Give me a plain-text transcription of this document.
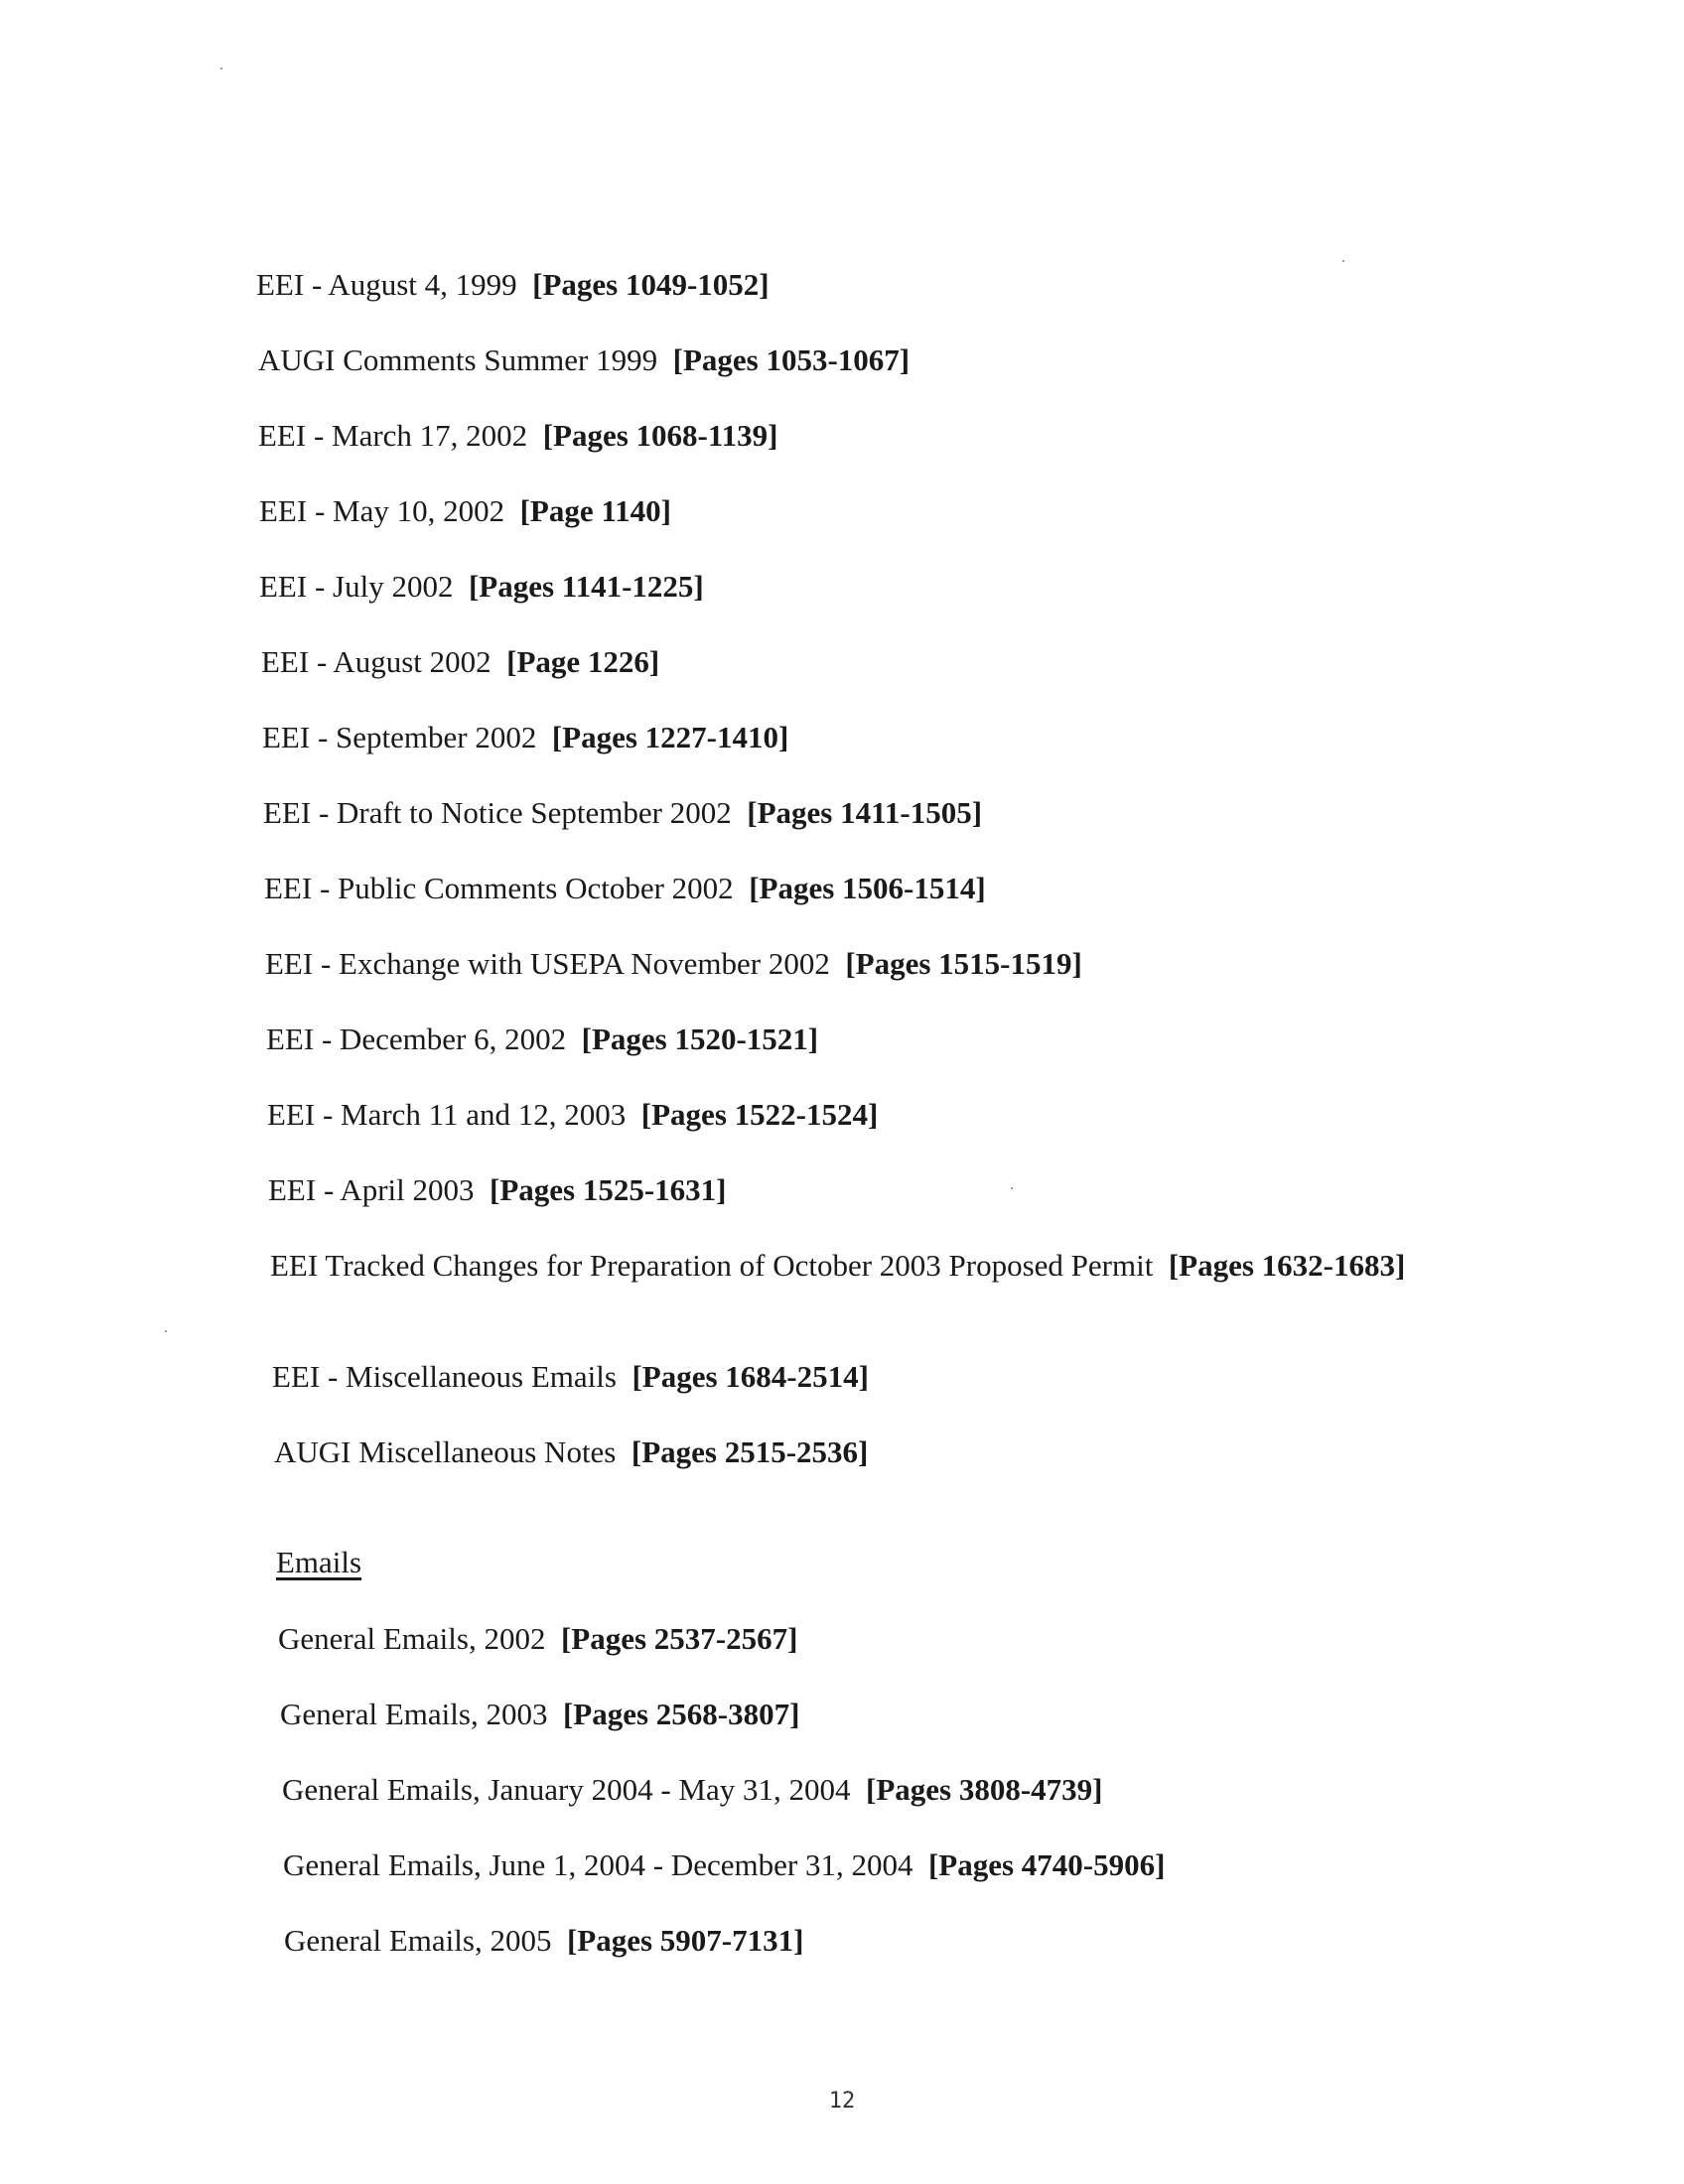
EEI - August 4, 1999 [Pages 1049-1052]
AUGI Comments Summer 1999 [Pages 1053-1067]
EEI - March 17, 2002 [Pages 1068-1139]
EEI - May 10, 2002 [Page 1140]
EEI - July 2002 [Pages 1141-1225]
EEI - August 2002 [Page 1226]
EEI - September 2002 [Pages 1227-1410]
EEI - Draft to Notice September 2002 [Pages 1411-1505]
EEI - Public Comments October 2002 [Pages 1506-1514]
EEI - Exchange with USEPA November 2002 [Pages 1515-1519]
EEI - December 6, 2002 [Pages 1520-1521]
EEI - March 11 and 12, 2003 [Pages 1522-1524]
EEI - April 2003 [Pages 1525-1631]
EEI Tracked Changes for Preparation of October 2003 Proposed Permit [Pages 1632-1683]
EEI - Miscellaneous Emails [Pages 1684-2514]
AUGI Miscellaneous Notes [Pages 2515-2536]
Emails
General Emails, 2002 [Pages 2537-2567]
General Emails, 2003 [Pages 2568-3807]
General Emails, January 2004 - May 31, 2004 [Pages 3808-4739]
General Emails, June 1, 2004 - December 31, 2004 [Pages 4740-5906]
General Emails, 2005 [Pages 5907-7131]
12
